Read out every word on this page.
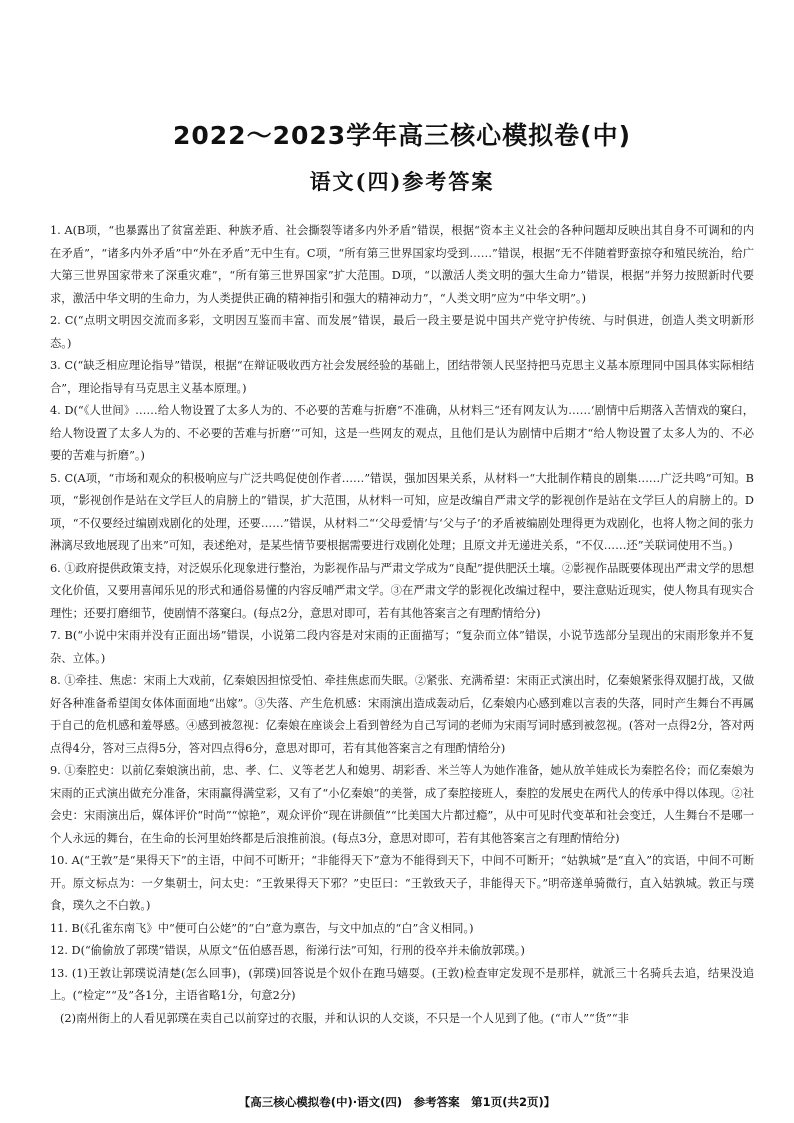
2022～2023学年高三核心模拟卷(中)
语文(四)参考答案

1. A(B项，“也暴露出了贫富差距、种族矛盾、社会撕裂等诸多内外矛盾”错误，根据“资本主义社会的各种问题却反映出其自身不可调和的内在矛盾”，“诸多内外矛盾”中“外在矛盾”无中生有。C项，“所有第三世界国家均受到……”错误，根据“无不伴随着野蛮掠夺和殖民统治，给广大第三世界国家带来了深重灾难”，“所有第三世界国家”扩大范围。D项，“以激活人类文明的强大生命力”错误，根据“并努力按照新时代要求，激活中华文明的生命力，为人类提供正确的精神指引和强大的精神动力”，“人类文明”应为“中华文明”。)

2. C(“点明文明因交流而多彩，文明因互鉴而丰富、而发展”错误，最后一段主要是说中国共产党守护传统、与时俱进，创造人类文明新形态。)

3. C(“缺乏相应理论指导”错误，根据“在辩证吸收西方社会发展经验的基础上，团结带领人民坚持把马克思主义基本原理同中国具体实际相结合”，理论指导有马克思主义基本原理。)

4. D(“《人世间》……给人物设置了太多人为的、不必要的苦难与折磨”不准确，从材料三“还有网友认为……‘剧情中后期落入苦情戏的窠臼，给人物设置了太多人为的、不必要的苦难与折磨’”可知，这是一些网友的观点，且他们是认为剧情中后期才“给人物设置了太多人为的、不必要的苦难与折磨”。)

5. C(A项，“市场和观众的积极响应与广泛共鸣促使创作者……”错误，强加因果关系，从材料一“大批制作精良的剧集……广泛共鸣”可知。B项，“影视创作是站在文学巨人的肩膀上的”错误，扩大范围，从材料一可知，应是改编自严肃文学的影视创作是站在文学巨人的肩膀上的。D项，“不仅要经过编剧戏剧化的处理，还要……”错误，从材料二“‘父母爱情’与‘父与子’的矛盾被编剧处理得更为戏剧化，也将人物之间的张力淋漓尽致地展现了出来”可知，表述绝对，是某些情节要根据需要进行戏剧化处理；且原文并无递进关系，“不仅……还”关联词使用不当。)

6. ①政府提供政策支持，对泛娱乐化现象进行整治，为影视作品与严肃文学成为“良配”提供肥沃土壤。②影视作品既要体现出严肃文学的思想文化价值，又要用喜闻乐见的形式和通俗易懂的内容反哺严肃文学。③在严肃文学的影视化改编过程中，要注意贴近现实，使人物具有现实合理性；还要打磨细节，使剧情不落窠臼。(每点2分，意思对即可，若有其他答案言之有理酌情给分)

7. B(“小说中宋雨并没有正面出场”错误，小说第二段内容是对宋雨的正面描写；“复杂而立体”错误，小说节选部分呈现出的宋雨形象并不复杂、立体。)

8. ①牵挂、焦虑：宋雨上大戏前，亿秦娘因担惊受怕、牵挂焦虑而失眠。②紧张、充满希望：宋雨正式演出时，亿秦娘紧张得双腿打战，又做好各种准备希望闺女体体面面地“出嫁”。③失落、产生危机感：宋雨演出造成轰动后，亿秦娘内心感到难以言表的失落，同时产生舞台不再属于自己的危机感和羞辱感。④感到被忽视：亿秦娘在座谈会上看到曾经为自己写词的老师为宋雨写词时感到被忽视。(答对一点得2分，答对两点得4分，答对三点得5分，答对四点得6分，意思对即可，若有其他答案言之有理酌情给分)

9. ①秦腔史：以前亿秦娘演出前，忠、孝、仁、义等老艺人和媳男、胡彩香、米兰等人为她作准备，她从放羊娃成长为秦腔名伶；而亿秦娘为宋雨的正式演出做充分准备，宋雨赢得满堂彩，又有了“小亿秦娘”的美誉，成了秦腔接班人，秦腔的发展史在两代人的传承中得以体现。②社会史：宋雨演出后，媒体评价“时尚”“惊艳”，观众评价“现在讲颜值”“比美国大片都过瘾”，从中可见时代变革和社会变迁，人生舞台不是哪一个人永远的舞台，在生命的长河里始终都是后浪推前浪。(每点3分，意思对即可，若有其他答案言之有理酌情给分)

10. A(“王敦”是“果得天下”的主语，中间不可断开；“非能得天下”意为不能得到天下，中间不可断开；“姑孰城”是“直入”的宾语，中间不可断开。原文标点为：一夕集朝士，问太史：“王敦果得天下邪？”史臣曰：“王敦致天子，非能得天下。”明帝遂单骑微行，直入姑孰城。敦正与璞食，璞久之不白敦。)

11. B(《孔雀东南飞》中“便可白公姥”的“白”意为禀告，与文中加点的“白”含义相同。)

12. D(“偷偷放了郭璞”错误，从原文“伍伯感吾恩，衔涕行法”可知，行刑的役卒并未偷放郭璞。)

13. (1)王敦让郭璞说清楚(怎么回事)，(郭璞)回答说是个奴仆在跑马嬉耍。(王敦)检查审定发现不是那样，就派三十名骑兵去追，结果没追上。(“检定”“及”各1分，主语省略1分，句意2分)

(2)南州街上的人看见郭璞在卖自己以前穿过的衣服，并和认识的人交谈，不只是一个人见到了他。(“市人”“货”“非

【高三核心模拟卷(中)·语文(四)　参考答案　第1页(共2页)】
